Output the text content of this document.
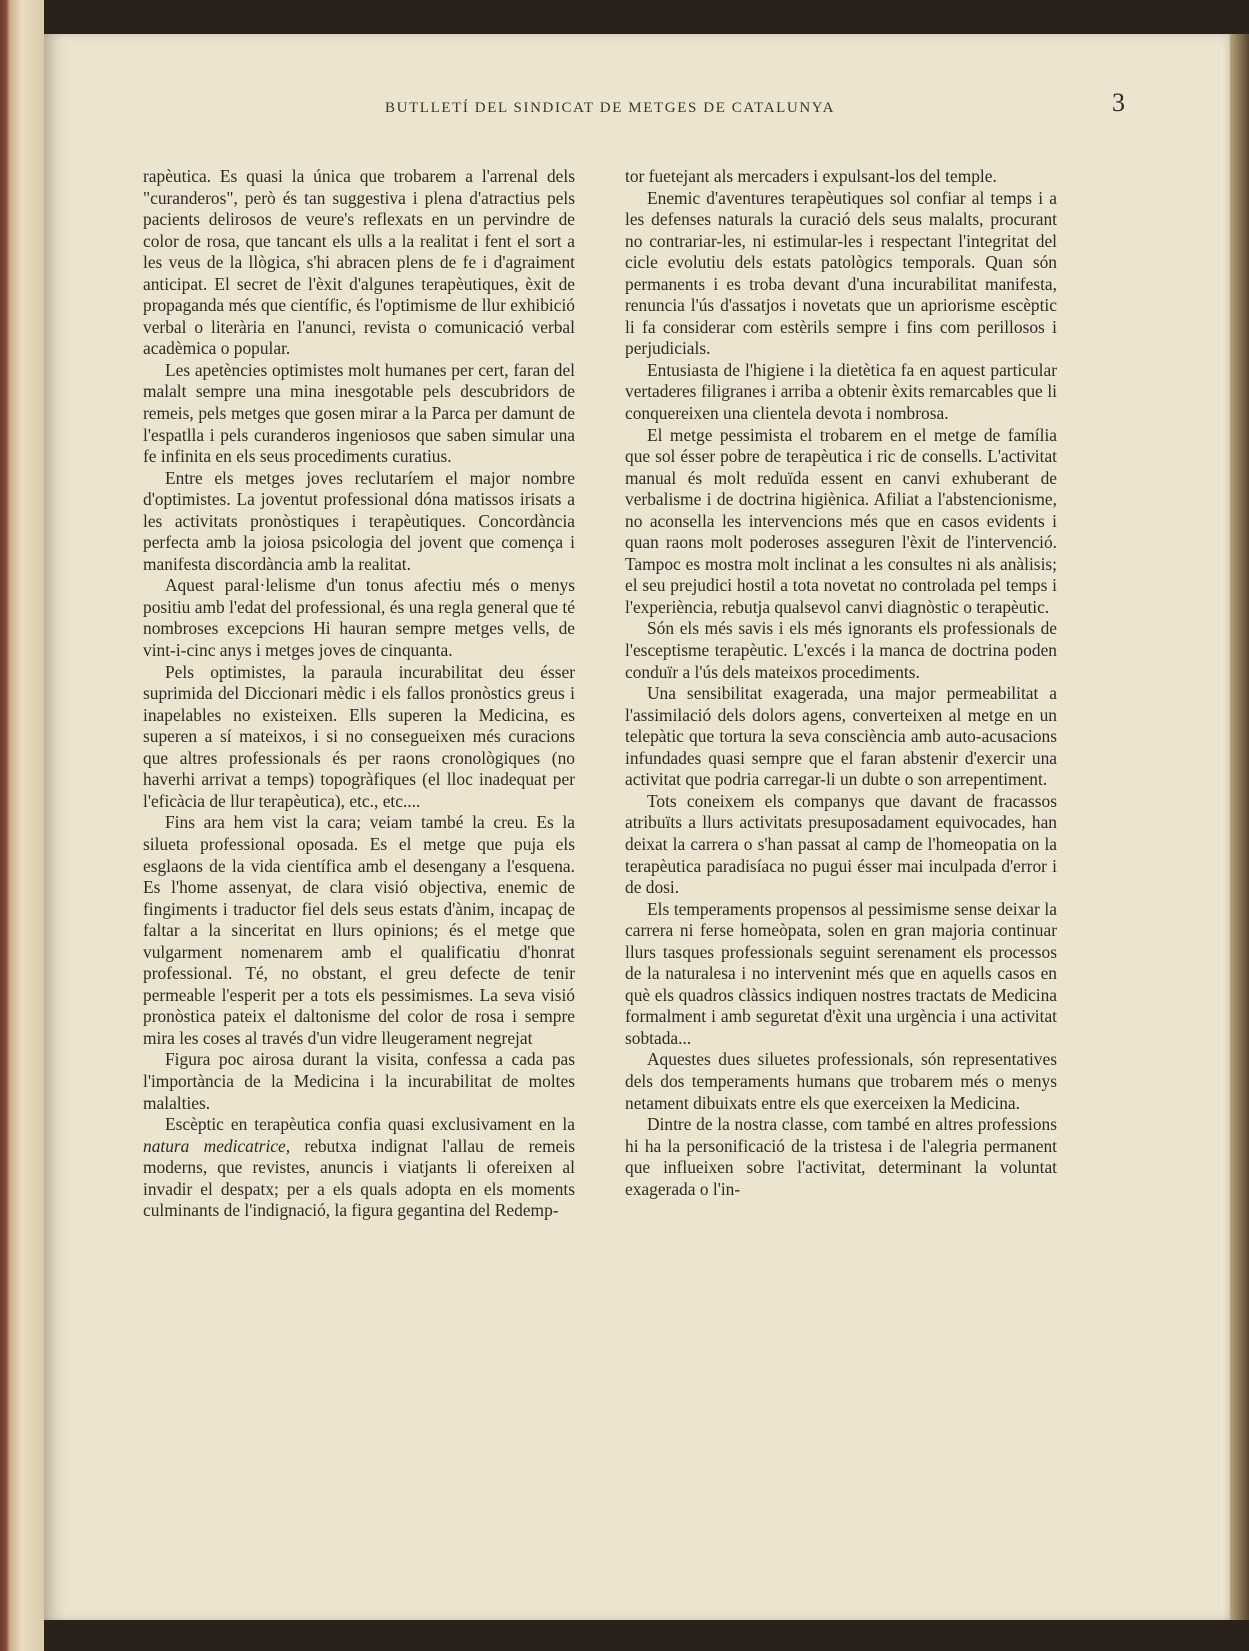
BUTLLETÍ DEL SINDICAT DE METGES DE CATALUNYA	3

rapèutica. Es quasi la única que trobarem a l'arrenal dels "curanderos", però és tan suggestiva i plena d'atractius pels pacients delirosos de veure's reflexats en un pervindre de color de rosa, que tancant els ulls a la realitat i fent el sort a les veus de la llògica, s'hi abracen plens de fe i d'agraiment anticipat. El secret de l'èxit d'algunes terapèutiques, èxit de propaganda més que científic, és l'optimisme de llur exhibició verbal o literària en l'anunci, revista o comunicació verbal acadèmica o popular.

Les apetències optimistes molt humanes per cert, faran del malalt sempre una mina inesgotable pels descubridors de remeis, pels metges que gosen mirar a la Parca per damunt de l'espatlla i pels curanderos ingeniosos que saben simular una fe infinita en els seus procediments curatius.

Entre els metges joves reclutaríem el major nombre d'optimistes. La joventut professional dóna matissos irisats a les activitats pronòstiques i terapèutiques. Concordància perfecta amb la joiosa psicologia del jovent que comença i manifesta discordància amb la realitat.

Aquest paral·lelisme d'un tonus afectiu més o menys positiu amb l'edat del professional, és una regla general que té nombroses excepcions Hi hauran sempre metges vells, de vint-i-cinc anys i metges joves de cinquanta.

Pels optimistes, la paraula incurabilitat deu ésser suprimida del Diccionari mèdic i els fallos pronòstics greus i inapelables no existeixen. Ells superen la Medicina, es superen a sí mateixos, i si no consegueixen més curacions que altres professionals és per raons cronològiques (no haverhi arrivat a temps) topogràfiques (el lloc inadequat per l'eficàcia de llur terapèutica), etc., etc....

Fins ara hem vist la cara; veiam també la creu. Es la silueta professional oposada. Es el metge que puja els esglaons de la vida científica amb el desengany a l'esquena. Es l'home assenyat, de clara visió objectiva, enemic de fingiments i traductor fiel dels seus estats d'ànim, incapaç de faltar a la sinceritat en llurs opinions; és el metge que vulgarment nomenarem amb el qualificatiu d'honrat professional. Té, no obstant, el greu defecte de tenir permeable l'esperit per a tots els pessimismes. La seva visió pronòstica pateix el daltonisme del color de rosa i sempre mira les coses al través d'un vidre lleugerament negrejat

Figura poc airosa durant la visita, confessa a cada pas l'importància de la Medicina i la incurabilitat de moltes malalties.

Escèptic en terapèutica confia quasi exclusivament en la natura medicatrice, rebutxa indignat l'allau de remeis moderns, que revistes, anuncis i viatjants li ofereixen al invadir el despatx; per a els quals adopta en els moments culminants de l'indignació, la figura gegantina del Redemp-

tor fuetejant als mercaders i expulsant-los del temple.

Enemic d'aventures terapèutiques sol confiar al temps i a les defenses naturals la curació dels seus malalts, procurant no contrariar-les, ni estimular-les i respectant l'integritat del cicle evolutiu dels estats patològics temporals. Quan són permanents i es troba devant d'una incurabilitat manifesta, renuncia l'ús d'assatjos i novetats que un apriorisme escèptic li fa considerar com estèrils sempre i fins com perillosos i perjudicials.

Entusiasta de l'higiene i la dietètica fa en aquest particular vertaderes filigranes i arriba a obtenir èxits remarcables que li conquereixen una clientela devota i nombrosa.

El metge pessimista el trobarem en el metge de família que sol ésser pobre de terapèutica i ric de consells. L'activitat manual és molt reduïda essent en canvi exhuberant de verbalisme i de doctrina higiènica. Afiliat a l'abstencionisme, no aconsella les intervencions més que en casos evidents i quan raons molt poderoses asseguren l'èxit de l'intervenció. Tampoc es mostra molt inclinat a les consultes ni als anàlisis; el seu prejudici hostil a tota novetat no controlada pel temps i l'experiència, rebutja qualsevol canvi diagnòstic o terapèutic.

Són els més savis i els més ignorants els professionals de l'esceptisme terapèutic. L'excés i la manca de doctrina poden conduïr a l'ús dels mateixos procediments.

Una sensibilitat exagerada, una major permeabilitat a l'assimilació dels dolors agens, converteixen al metge en un telepàtic que tortura la seva consciència amb auto-acusacions infundades quasi sempre que el faran abstenir d'exercir una activitat que podria carregar-li un dubte o son arrepentiment.

Tots coneixem els companys que davant de fracassos atribuïts a llurs activitats presuposadament equivocades, han deixat la carrera o s'han passat al camp de l'homeopatia on la terapèutica paradisíaca no pugui ésser mai inculpada d'error i de dosi.

Els temperaments propensos al pessimisme sense deixar la carrera ni ferse homeòpata, solen en gran majoria continuar llurs tasques professionals seguint serenament els processos de la naturalesa i no intervenint més que en aquells casos en què els quadros clàssics indiquen nostres tractats de Medicina formalment i amb seguretat d'èxit una urgència i una activitat sobtada...

Aquestes dues siluetes professionals, són representatives dels dos temperaments humans que trobarem més o menys netament dibuixats entre els que exerceixen la Medicina.

Dintre de la nostra classe, com també en altres professions hi ha la personificació de la tristesa i de l'alegria permanent que influeixen sobre l'activitat, determinant la voluntat exagerada o l'in-
